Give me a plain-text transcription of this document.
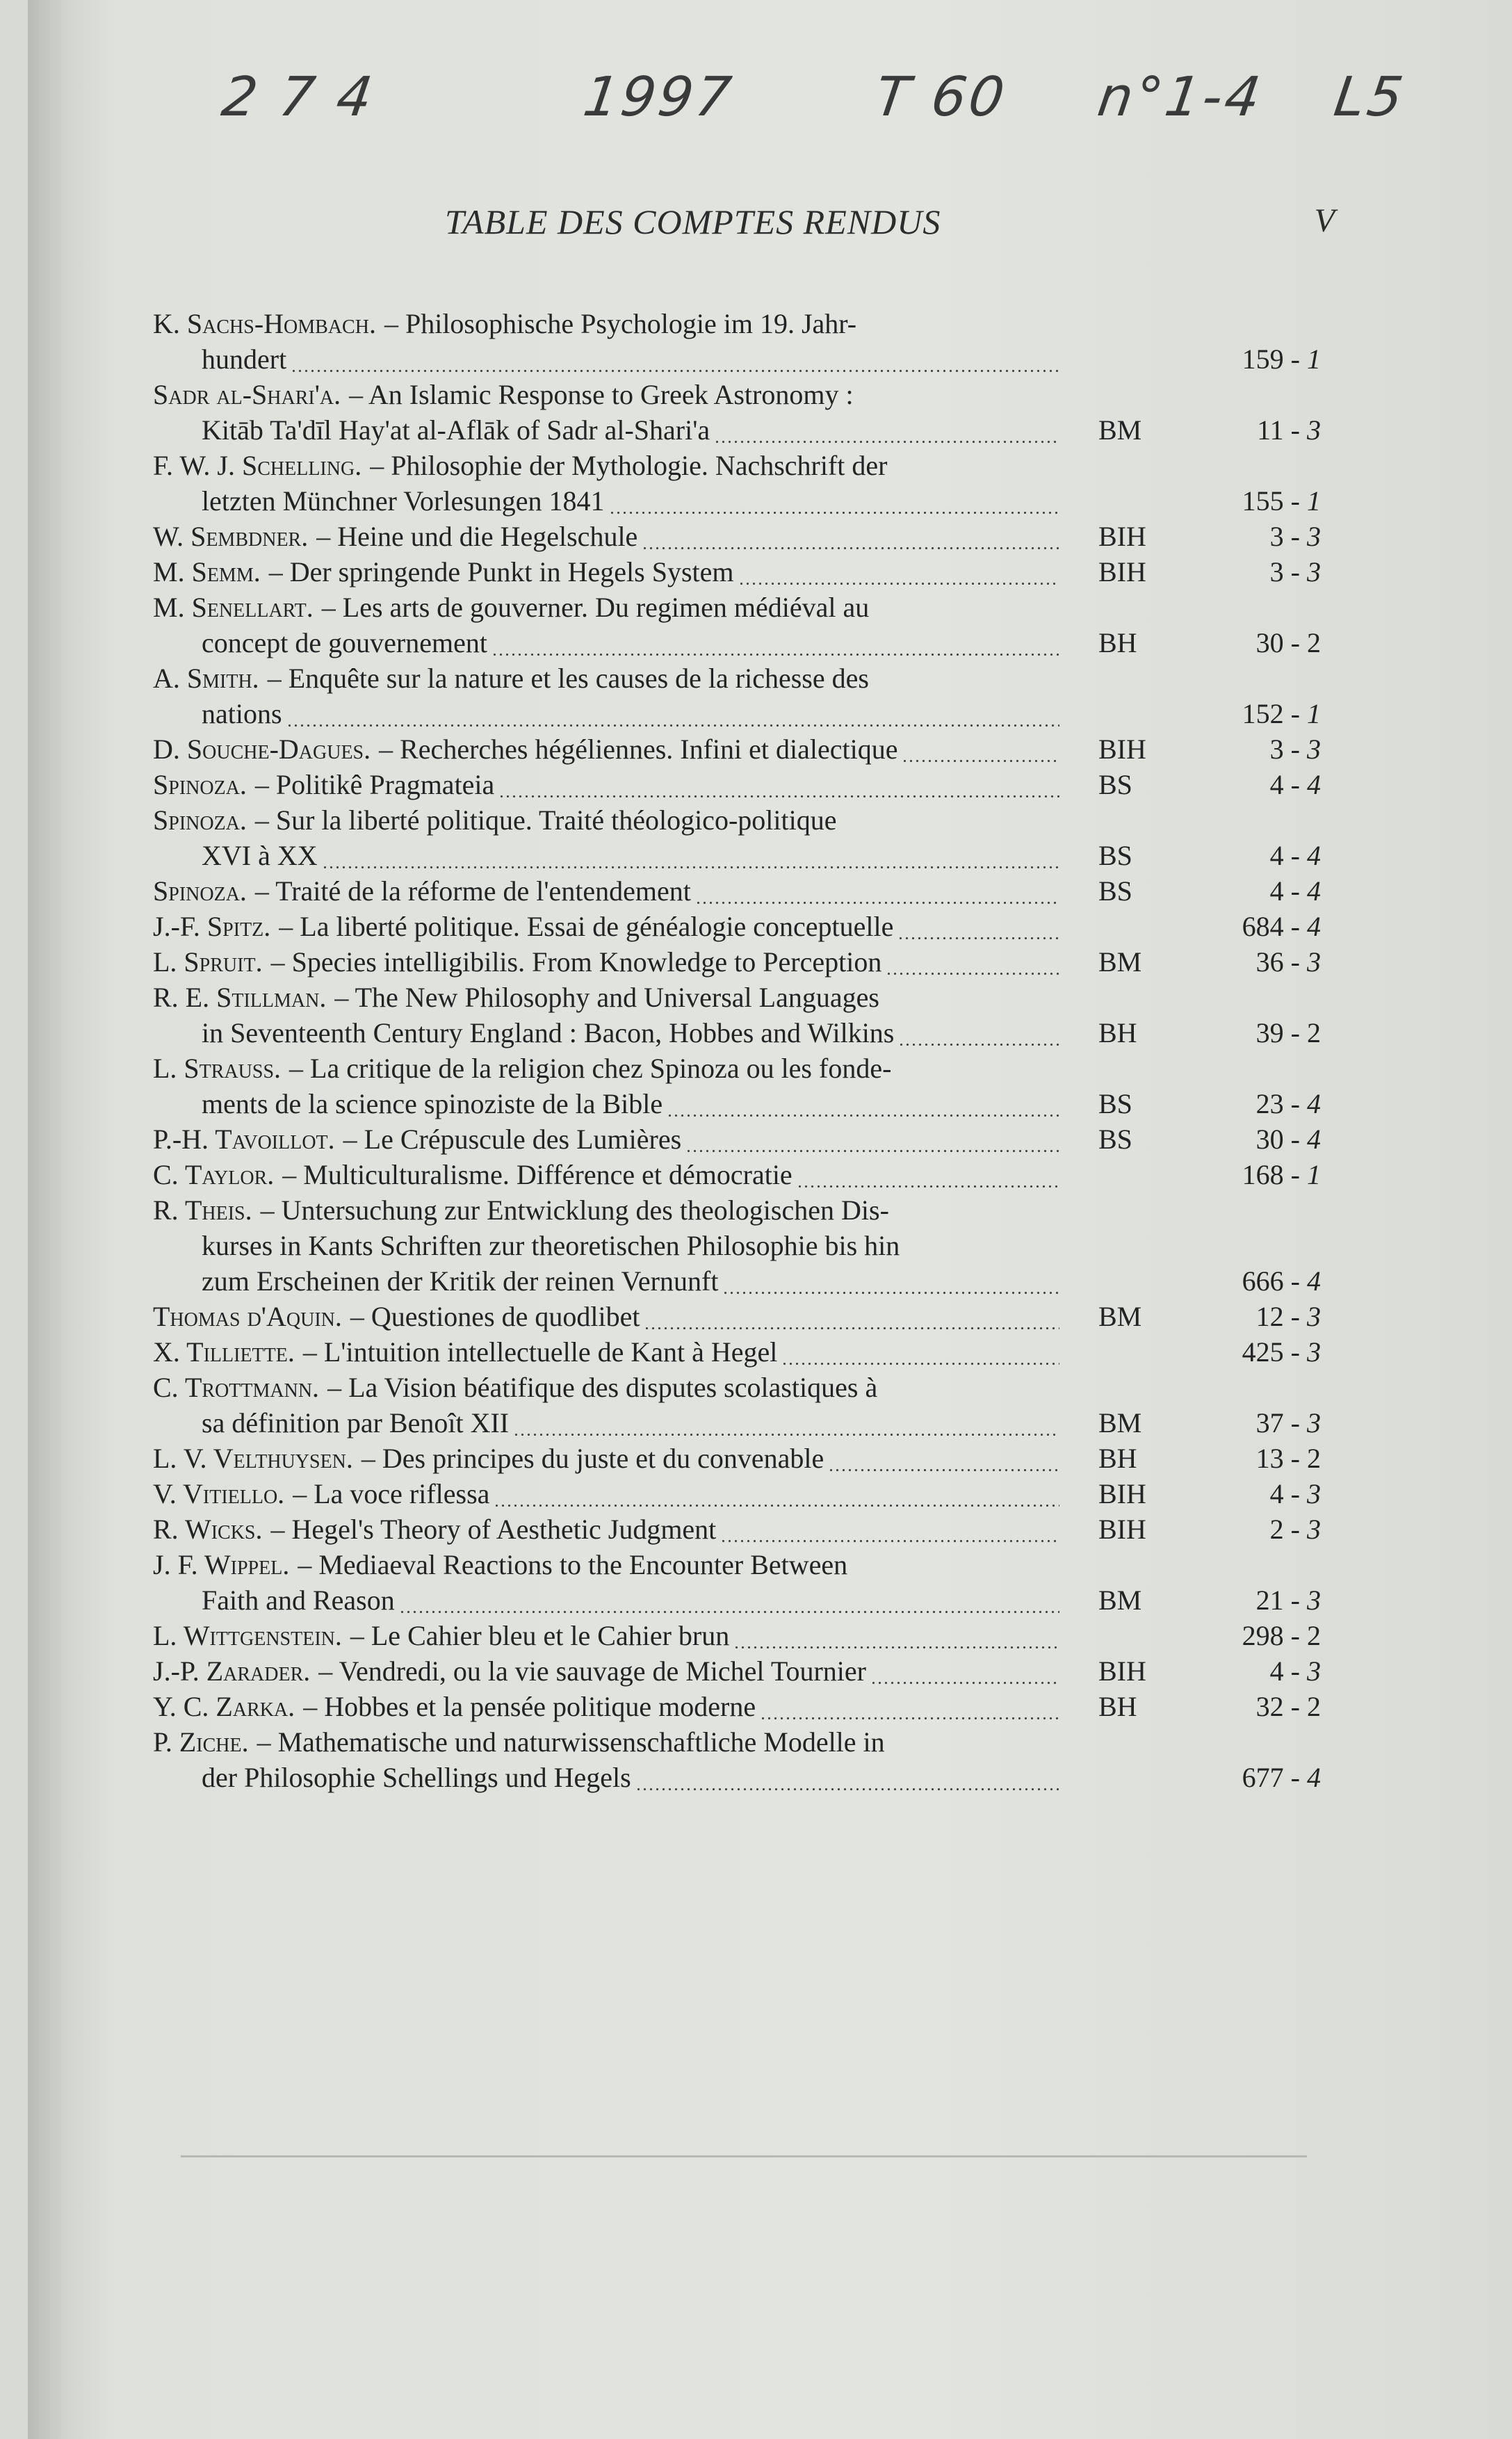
2 7 4	1997 T 60 n°1-4 L5
TABLE DES COMPTES RENDUS	V
K. Sachs-Hombach. – Philosophische Psychologie im 19. Jahr-
hundert	159 - 1
Sadr al-Shari'a. – An Islamic Response to Greek Astronomy :
Kitāb Ta'dīl Hay'at al-Aflāk of Sadr al-Shari'a	BM	11 - 3
F. W. J. Schelling. – Philosophie der Mythologie. Nachschrift der
letzten Münchner Vorlesungen 1841	155 - 1
W. Sembdner. – Heine und die Hegelschule	BIH	3 - 3
M. Semm. – Der springende Punkt in Hegels System	BIH	3 - 3
M. Senellart. – Les arts de gouverner. Du regimen médiéval au
concept de gouvernement	BH	30 - 2
A. Smith. – Enquête sur la nature et les causes de la richesse des
nations	152 - 1
D. Souche-Dagues. – Recherches hégéliennes. Infini et dialectique	BIH	3 - 3
Spinoza. – Politikê Pragmateia	BS	4 - 4
Spinoza. – Sur la liberté politique. Traité théologico-politique
XVI à XX	BS	4 - 4
Spinoza. – Traité de la réforme de l'entendement	BS	4 - 4
J.-F. Spitz. – La liberté politique. Essai de généalogie conceptuelle	684 - 4
L. Spruit. – Species intelligibilis. From Knowledge to Perception	BM	36 - 3
R. E. Stillman. – The New Philosophy and Universal Languages
in Seventeenth Century England : Bacon, Hobbes and Wilkins	BH	39 - 2
L. Strauss. – La critique de la religion chez Spinoza ou les fonde-
ments de la science spinoziste de la Bible	BS	23 - 4
P.-H. Tavoillot. – Le Crépuscule des Lumières	BS	30 - 4
C. Taylor. – Multiculturalisme. Différence et démocratie	168 - 1
R. Theis. – Untersuchung zur Entwicklung des theologischen Dis-
kurses in Kants Schriften zur theoretischen Philosophie bis hin
zum Erscheinen der Kritik der reinen Vernunft	666 - 4
Thomas d'Aquin. – Questiones de quodlibet	BM	12 - 3
X. Tilliette. – L'intuition intellectuelle de Kant à Hegel	425 - 3
C. Trottmann. – La Vision béatifique des disputes scolastiques à
sa définition par Benoît XII	BM	37 - 3
L. V. Velthuysen. – Des principes du juste et du convenable	BH	13 - 2
V. Vitiello. – La voce riflessa	BIH	4 - 3
R. Wicks. – Hegel's Theory of Aesthetic Judgment	BIH	2 - 3
J. F. Wippel. – Mediaeval Reactions to the Encounter Between
Faith and Reason	BM	21 - 3
L. Wittgenstein. – Le Cahier bleu et le Cahier brun	298 - 2
J.-P. Zarader. – Vendredi, ou la vie sauvage de Michel Tournier	BIH	4 - 3
Y. C. Zarka. – Hobbes et la pensée politique moderne	BH	32 - 2
P. Ziche. – Mathematische und naturwissenschaftliche Modelle in
der Philosophie Schellings und Hegels	677 - 4
